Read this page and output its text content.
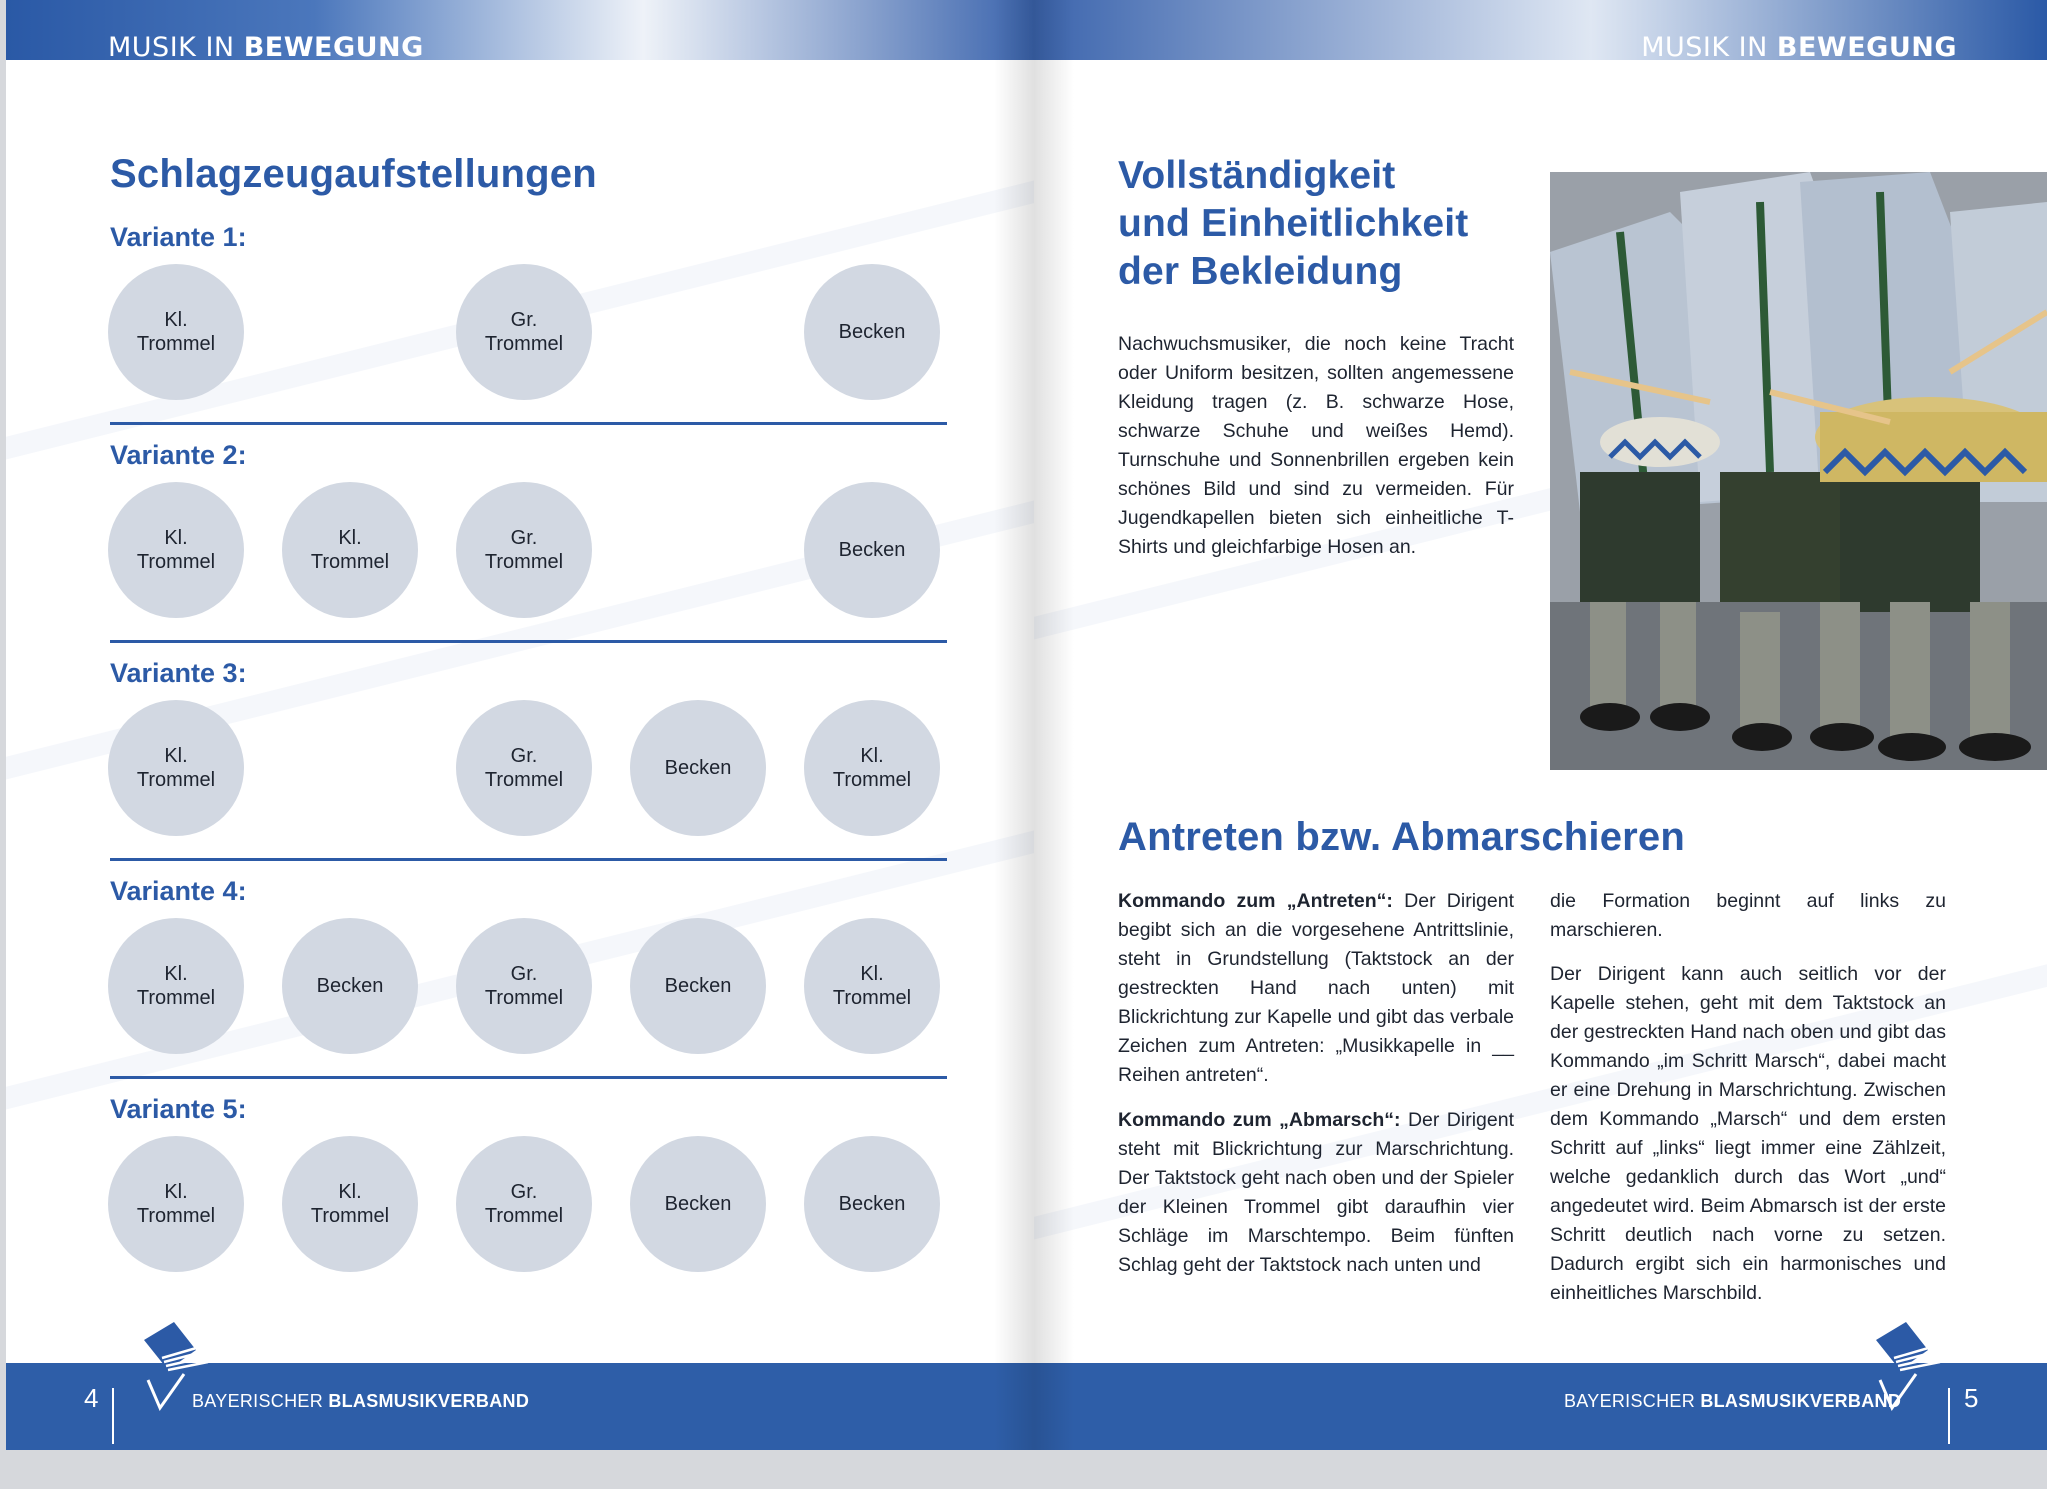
MUSIK IN BEWEGUNG
Schlagzeugaufstellungen
Variante 1:
Kl.
Trommel
Gr.
Trommel
Becken
Variante 2:
Kl.
Trommel
Kl.
Trommel
Gr.
Trommel
Becken
Variante 3:
Kl.
Trommel
Gr.
Trommel
Becken
Kl.
Trommel
Variante 4:
Kl.
Trommel
Becken
Gr.
Trommel
Becken
Kl.
Trommel
Variante 5:
Kl.
Trommel
Kl.
Trommel
Gr.
Trommel
Becken	Becken
4	BAYERISCHER BLASMUSIKVERBAND
MUSIK IN BEWEGUNG
Vollständigkeit
und Einheitlichkeit
der Bekleidung

Nachwuchsmusiker, die noch keine Tracht oder Uniform besitzen, sollten angemessene Kleidung tragen (z. B. schwarze Hose, schwarze Schuhe und weißes Hemd). Turnschuhe und Sonnenbrillen ergeben kein schönes Bild und sind zu vermeiden. Für Jugendkapellen bieten sich einheitliche T-Shirts und gleichfarbige Hosen an.

Antreten bzw. Abmarschieren

Kommando zum „Antreten“: Der Dirigent begibt sich an die vorgesehene Antrittslinie, steht in Grundstellung (Taktstock an der gestreckten Hand nach unten) mit Blickrichtung zur Kapelle und gibt das verbale Zeichen zum Antreten: „Musikkapelle in __ Reihen antreten“.

Kommando zum „Abmarsch“: Der Dirigent steht mit Blickrichtung zur Marschrichtung. Der Taktstock geht nach oben und der Spieler der Kleinen Trommel gibt daraufhin vier Schläge im Marschtempo. Beim fünften Schlag geht der Taktstock nach unten und

die Formation beginnt auf links zu marschieren.

Der Dirigent kann auch seitlich vor der Kapelle stehen, geht mit dem Taktstock an der gestreckten Hand nach oben und gibt das Kommando „im Schritt Marsch“, dabei macht er eine Drehung in Marschrichtung. Zwischen dem Kommando „Marsch“ und dem ersten Schritt auf „links“ liegt immer eine Zählzeit, welche gedanklich durch das Wort „und“ angedeutet wird. Beim Abmarsch ist der erste Schritt deutlich nach vorne zu setzen. Dadurch ergibt sich ein harmonisches und einheitliches Marschbild.

BAYERISCHER BLASMUSIKVERBAND 5
